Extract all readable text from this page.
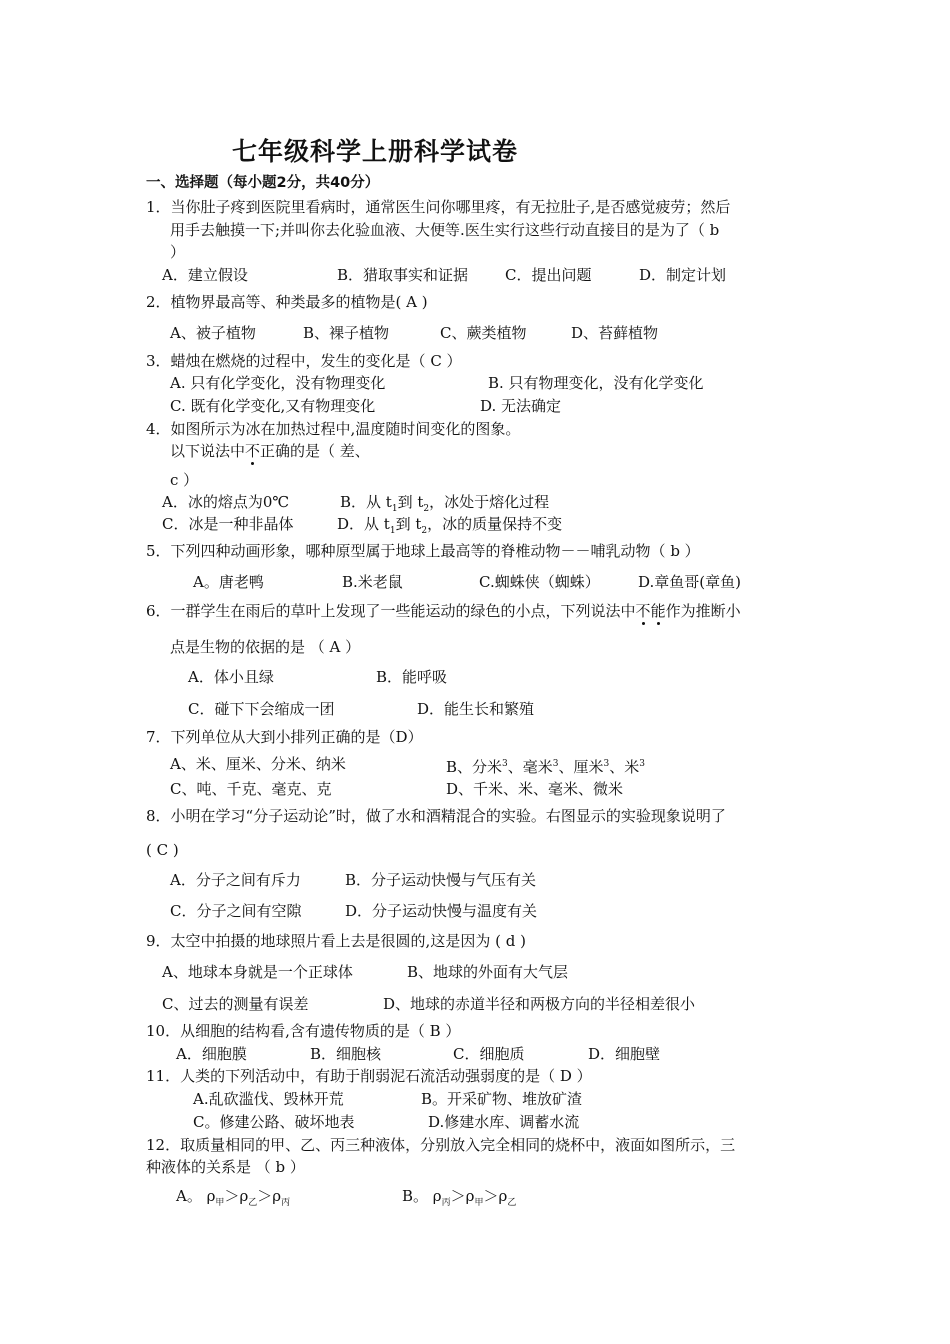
七年级科学上册科学试卷
一、选择题（每小题2分，共40分）
1．当你肚子疼到医院里看病时，通常医生问你哪里疼，有无拉肚子,是否感觉疲劳；然后
用手去触摸一下;并叫你去化验血液、大便等.医生实行这些行动直接目的是为了（ b
）
A．建立假设	B．猎取事实和证据 C．提出问题	D．制定计划
2．植物界最高等、种类最多的植物是( A )
A、被子植物	B、裸子植物	C、蕨类植物	D、苔藓植物
3．蜡烛在燃烧的过程中，发生的变化是（ C ）
A. 只有化学变化，没有物理变化	B. 只有物理变化，没有化学变化
C. 既有化学变化,又有物理变化	D. 无法确定
4．如图所示为冰在加热过程中,温度随时间变化的图象。
以下说法中不正确的是（ 差、
c ）
A．冰的熔点为0℃	B．从 $t_1$到 $t_2$，冰处于熔化过程
C．冰是一种非晶体	D．从 $t_1$到 $t_2$，冰的质量保持不变
5．下列四种动画形象，哪种原型属于地球上最高等的脊椎动物－－哺乳动物（ b ）
A。唐老鸭	B.米老鼠	C.蜘蛛侠（蜘蛛）	D.章鱼哥(章鱼)
6．一群学生在雨后的草叶上发现了一些能运动的绿色的小点，下列说法中不能作为推断小
点是生物的依据的是 （ A ）
A．体小且绿	B．能呼吸
C．碰下下会缩成一团	D．能生长和繁殖
7．下列单位从大到小排列正确的是（D）
A、米、厘米、分米、纳米	B、分米$^3$、毫米$^3$、厘米$^3$、米$^3$
C、吨、千克、毫克、克	D、千米、米、毫米、微米
8．小明在学习“分子运动论”时，做了水和酒精混合的实验。右图显示的实验现象说明了
( C )
A．分子之间有斥力	B．分子运动快慢与气压有关
C．分子之间有空隙	D．分子运动快慢与温度有关
9．太空中拍摄的地球照片看上去是很圆的,这是因为 ( d )
A、地球本身就是一个正球体	B、地球的外面有大气层
C、过去的测量有误差	D、地球的赤道半径和两极方向的半径相差很小
10．从细胞的结构看,含有遗传物质的是（ B ）
A．细胞膜	B．细胞核	C．细胞质	D．细胞壁
11．人类的下列活动中，有助于削弱泥石流活动强弱度的是（ D ）
A.乱砍滥伐、毁林开荒	B。开采矿物、堆放矿渣
C。修建公路、破坏地表	D.修建水库、调蓄水流
12．取质量相同的甲、乙、丙三种液体，分别放入完全相同的烧杯中，液面如图所示，三
种液体的关系是 （ b ）
A。 $\rho_甲>\rho_乙>\rho_丙$	B。 $\rho_丙>\rho_甲>\rho_乙$
